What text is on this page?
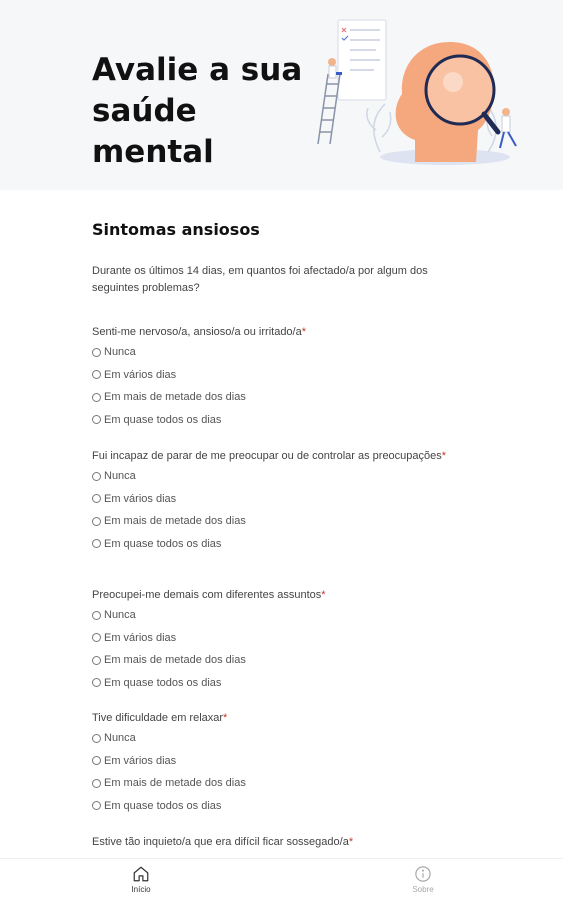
Avalie a sua
saúde
mental
Sintomas ansiosos

Durante os últimos 14 dias, em quantos foi afectado/a por algum dos seguintes problemas?

Senti-me nervoso/a, ansioso/a ou irritado/a*
Nunca
Em vários dias
Em mais de metade dos dias
Em quase todos os dias
Fui incapaz de parar de me preocupar ou de controlar as preocupações*
Nunca
Em vários dias
Em mais de metade dos dias
Em quase todos os dias
Preocupei-me demais com diferentes assuntos*
Nunca
Em vários dias
Em mais de metade dos dias
Em quase todos os dias
Tive dificuldade em relaxar*
Nunca
Em vários dias
Em mais de metade dos dias
Em quase todos os dias
Estive tão inquieto/a que era difícil ficar sossegado/a*
Início	Sobre
